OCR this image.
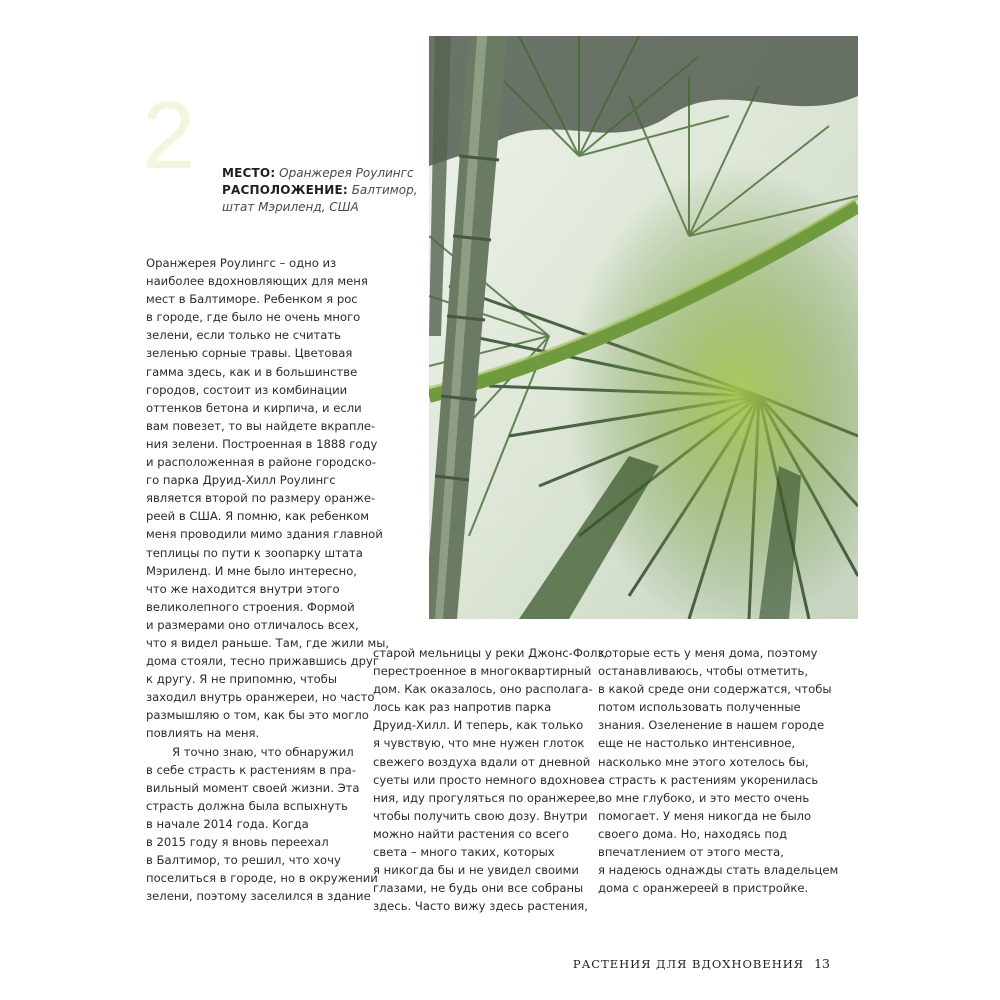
2 МЕСТО: Оранжерея Роулингс
РАСПОЛОЖЕНИЕ: Балтимор,
штат Мэриленд, США
Оранжерея Роулингс – одно из
наиболее вдохновляющих для меня
мест в Балтиморе. Ребенком я рос
в городе, где было не очень много
зелени, если только не считать
зеленью сорные травы. Цветовая
гамма здесь, как и в большинстве
городов, состоит из комбинации
оттенков бетона и кирпича, и если
вам повезет, то вы найдете вкрапле-
ния зелени. Построенная в 1888 году
и расположенная в районе городско-
го парка Друид-Хилл Роулингс
является второй по размеру оранже-
реей в США. Я помню, как ребенком
меня проводили мимо здания главной
теплицы по пути к зоопарку штата
Мэриленд. И мне было интересно,
что же находится внутри этого
великолепного строения. Формой
и размерами оно отличалось всех,
что я видел раньше. Там, где жили мы,
дома стояли, тесно прижавшись друг
к другу. Я не припомню, чтобы
заходил внутрь оранжереи, но часто
размышляю о том, как бы это могло
повлиять на меня.
Я точно знаю, что обнаружил
в себе страсть к растениям в пра-
вильный момент своей жизни. Эта
страсть должна была вспыхнуть
в начале 2014 года. Когда
в 2015 году я вновь переехал
в Балтимор, то решил, что хочу
поселиться в городе, но в окружении
зелени, поэтому заселился в здание
старой мельницы у реки Джонс-Фолз,
перестроенное в многоквартирный
дом. Как оказалось, оно располага-
лось как раз напротив парка
Друид-Хилл. И теперь, как только
я чувствую, что мне нужен глоток
свежего воздуха вдали от дневной
суеты или просто немного вдохнове-
ния, иду прогуляться по оранжерее,
чтобы получить свою дозу. Внутри
можно найти растения со всего
света – много таких, которых
я никогда бы и не увидел своими
глазами, не будь они все собраны
здесь. Часто вижу здесь растения,
которые есть у меня дома, поэтому
останавливаюсь, чтобы отметить,
в какой среде они содержатся, чтобы
потом использовать полученные
знания. Озеленение в нашем городе
еще не настолько интенсивное,
насколько мне этого хотелось бы,
а страсть к растениям укоренилась
во мне глубоко, и это место очень
помогает. У меня никогда не было
своего дома. Но, находясь под
впечатлением от этого места,
я надеюсь однажды стать владельцем
дома с оранжереей в пристройке.
РАСТЕНИЯ ДЛЯ ВДОХНОВЕНИЯ 13
